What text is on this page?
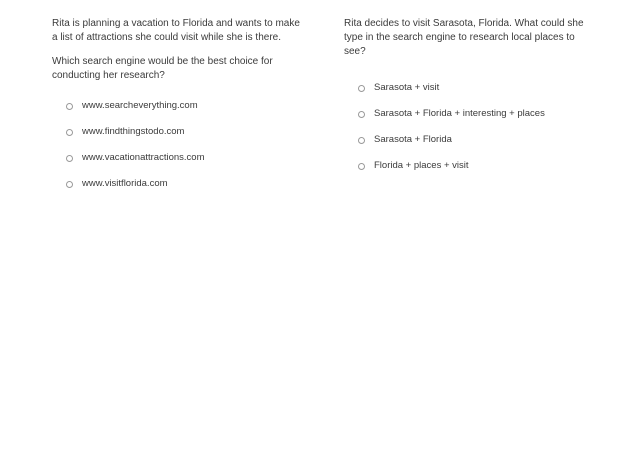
Rita is planning a vacation to Florida and wants to make a list of attractions she could visit while she is there.

Which search engine would be the best choice for conducting her research?

www.searcheverything.com
www.findthingstodo.com
www.vacationattractions.com
www.visitflorida.com

Rita decides to visit Sarasota, Florida. What could she type in the search engine to research local places to see?

Sarasota + visit
Sarasota + Florida + interesting + places
Sarasota + Florida
Florida + places + visit
